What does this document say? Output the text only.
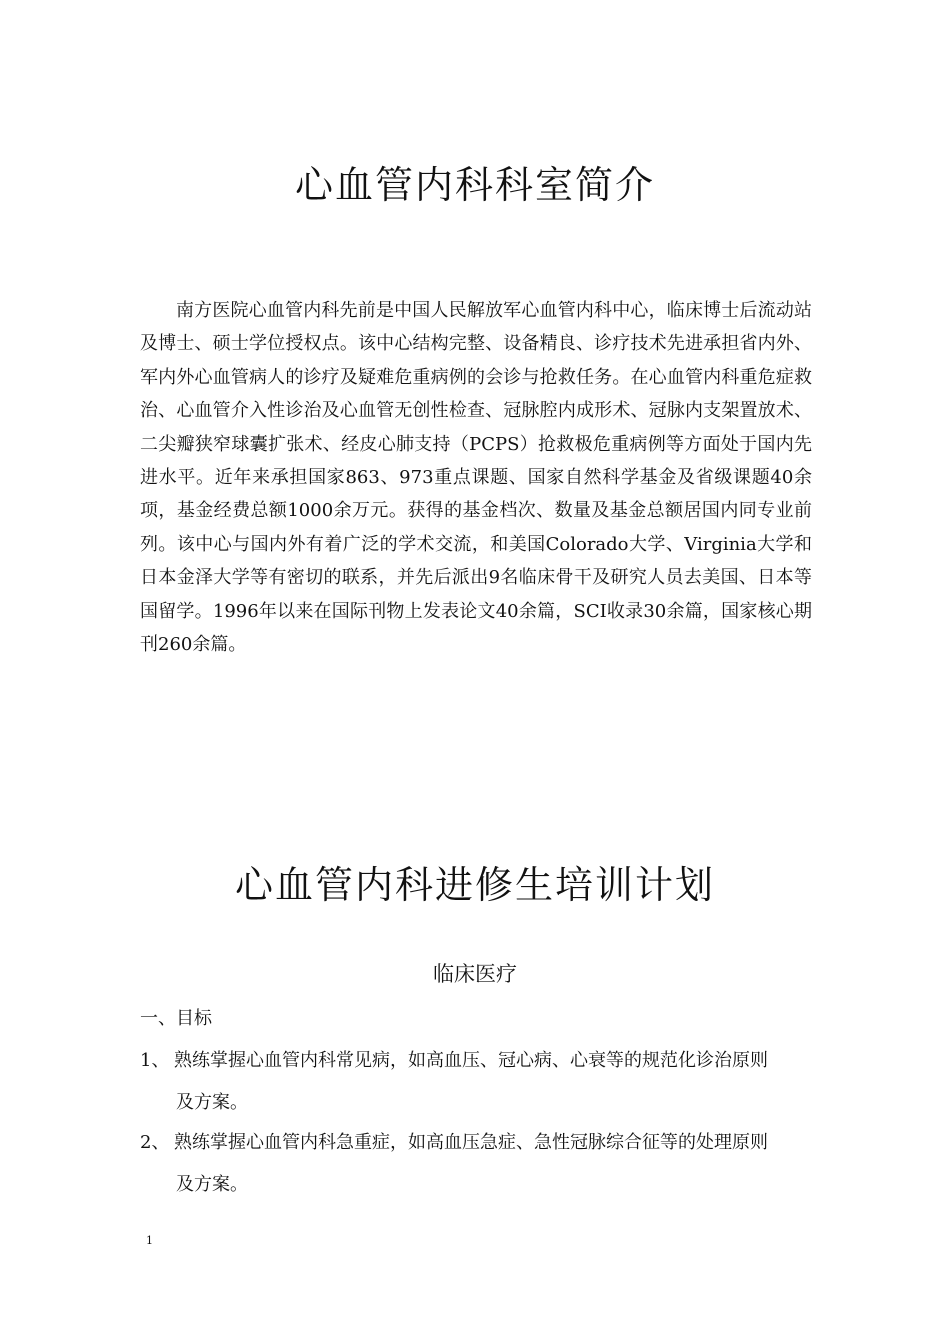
心血管内科科室简介

南方医院心血管内科先前是中国人民解放军心血管内科中心，临床博士后流动站及博士、硕士学位授权点。该中心结构完整、设备精良、诊疗技术先进承担省内外、军内外心血管病人的诊疗及疑难危重病例的会诊与抢救任务。在心血管内科重危症救治、心血管介入性诊治及心血管无创性检查、冠脉腔内成形术、冠脉内支架置放术、二尖瓣狭窄球囊扩张术、经皮心肺支持（PCPS）抢救极危重病例等方面处于国内先进水平。近年来承担国家863、973重点课题、国家自然科学基金及省级课题40余项，基金经费总额1000余万元。获得的基金档次、数量及基金总额居国内同专业前列。该中心与国内外有着广泛的学术交流，和美国Colorado大学、Virginia大学和日本金泽大学等有密切的联系，并先后派出9名临床骨干及研究人员去美国、日本等国留学。1996年以来在国际刊物上发表论文40余篇，SCI收录30余篇，国家核心期刊260余篇。

心血管内科进修生培训计划
临床医疗
一、目标
1、 熟练掌握心血管内科常见病，如高血压、冠心病、心衰等的规范化诊治原则
及方案。
2、 熟练掌握心血管内科急重症，如高血压急症、急性冠脉综合征等的处理原则
及方案。
1
